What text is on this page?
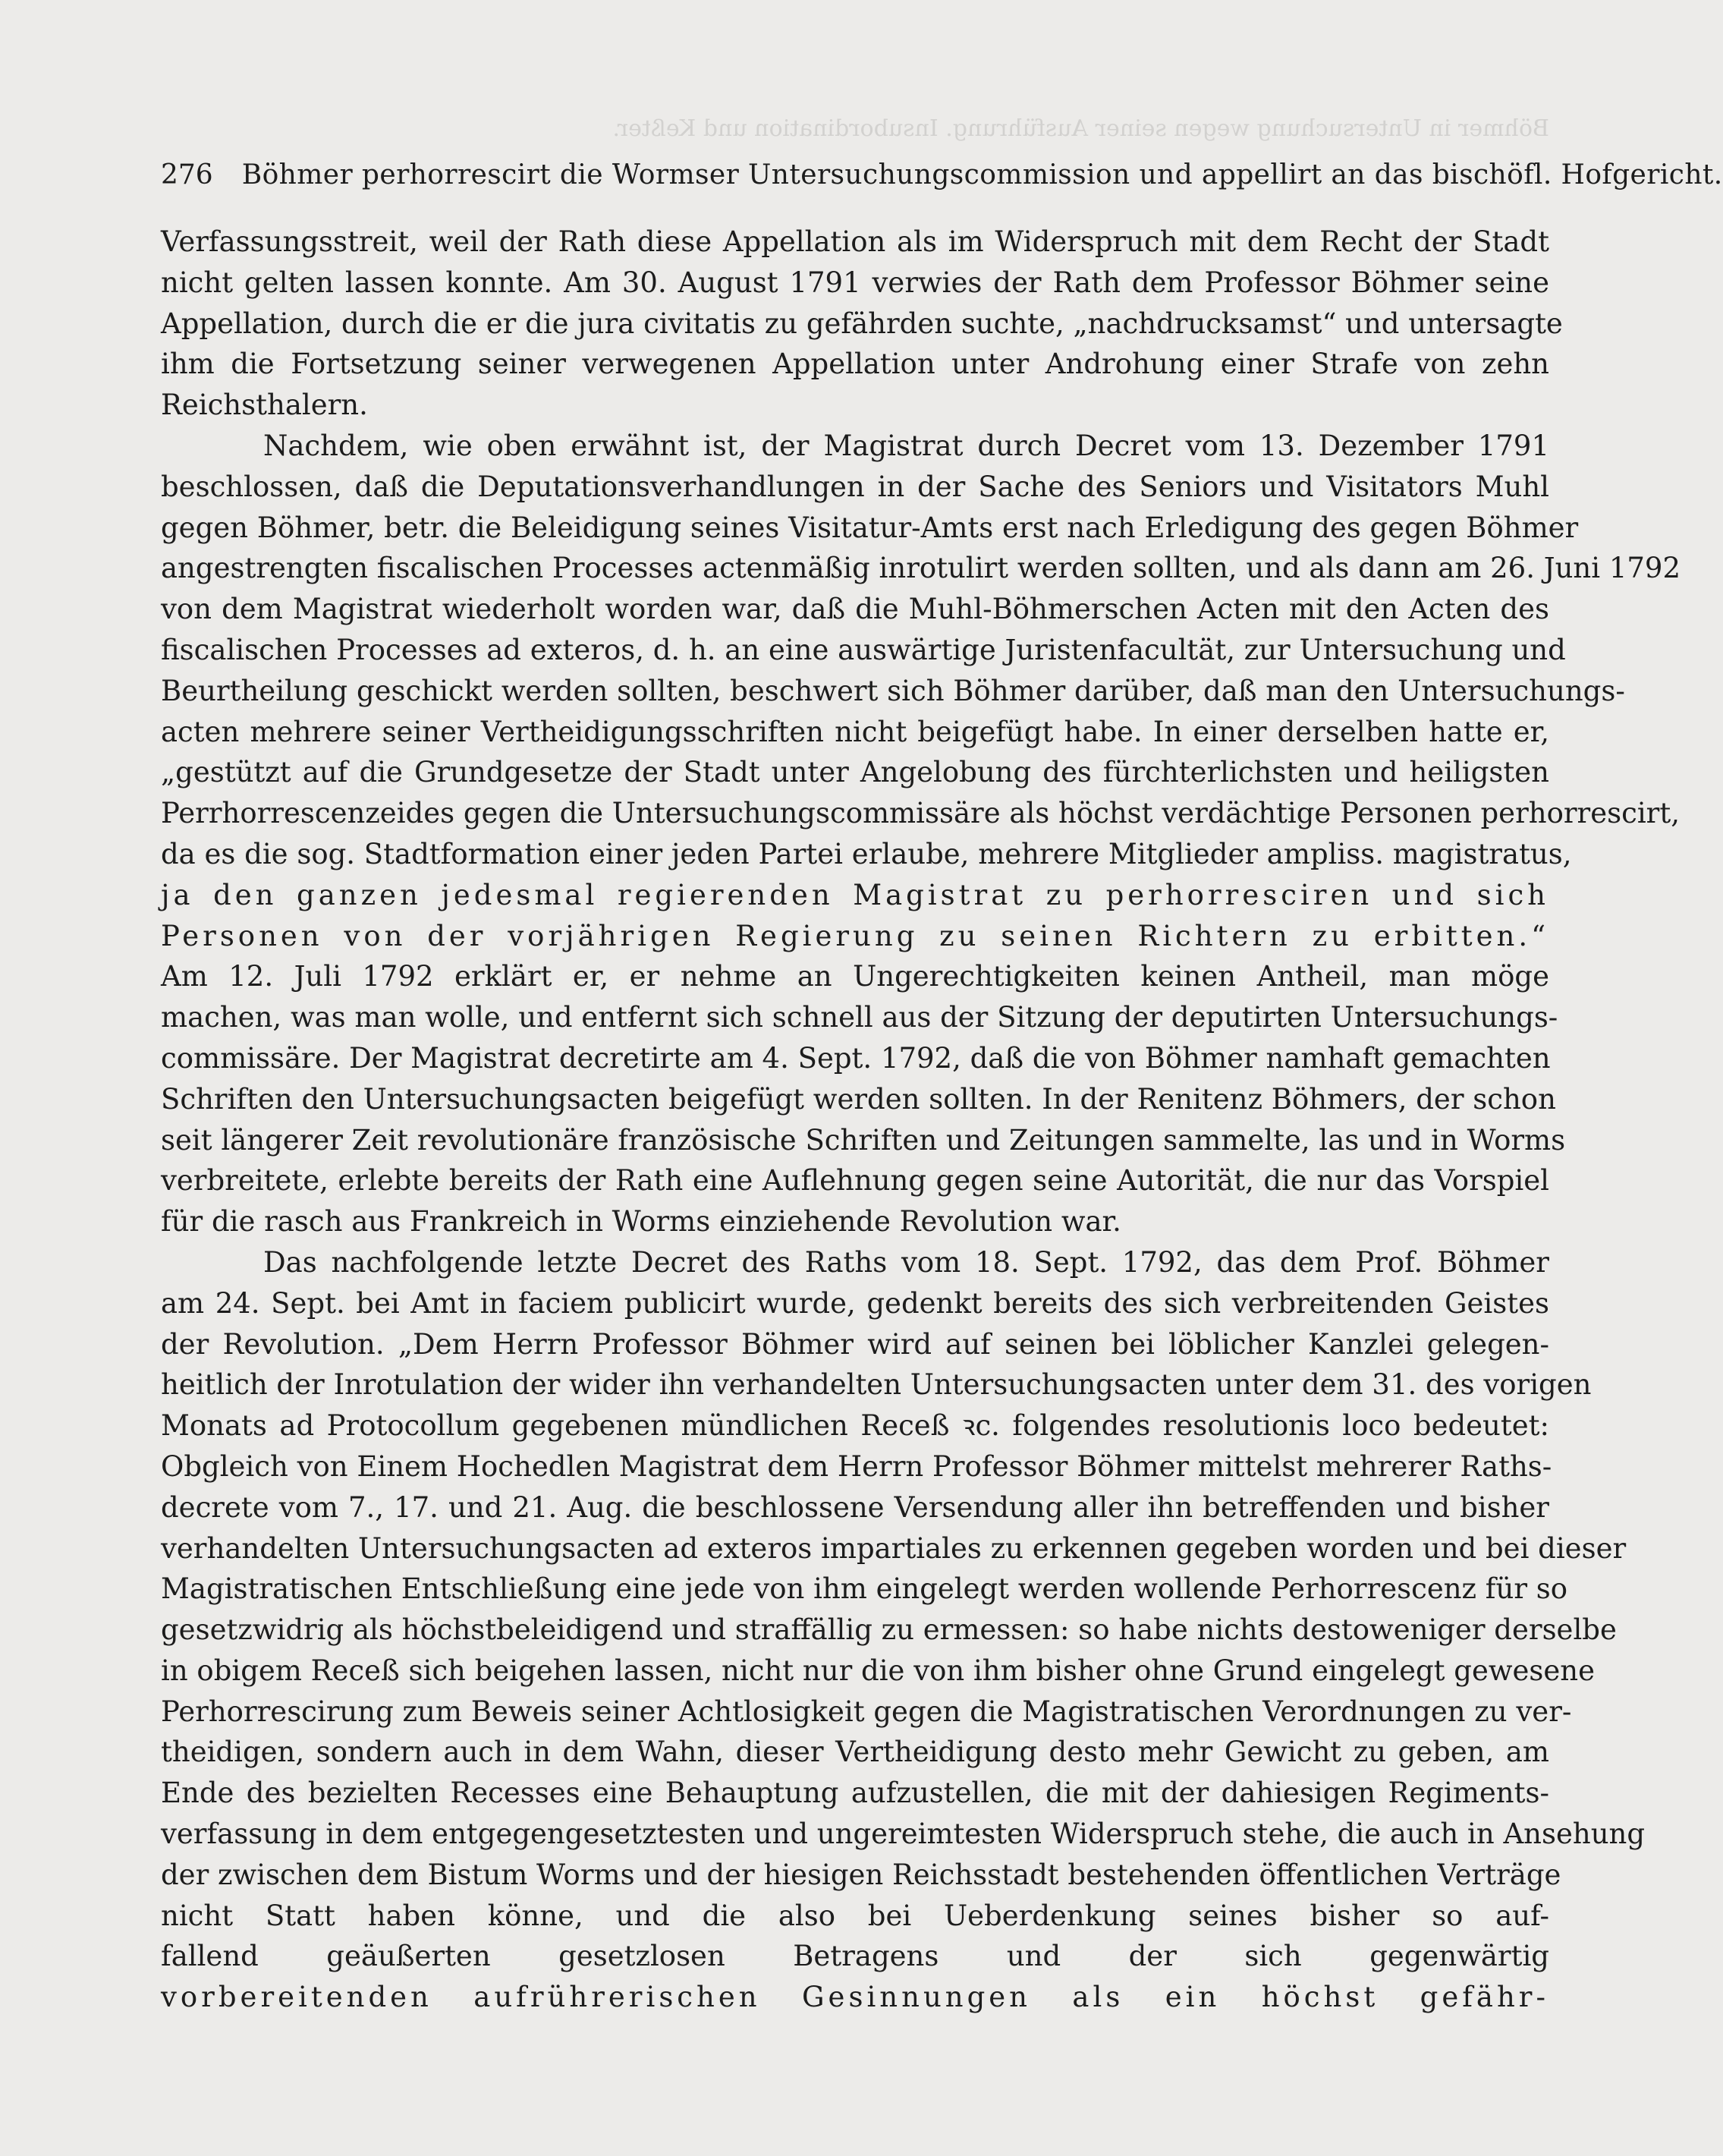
Böhmer in Untersuchung wegen seiner Ausführung. Insubordination und Keßter.
276 Böhmer perhorrescirt die Wormser Untersuchungscommission und appellirt an das bischöfl. Hofgericht.
Verfassungsstreit, weil der Rath diese Appellation als im Widerspruch mit dem Recht der Stadt
nicht gelten lassen konnte. Am 30. August 1791 verwies der Rath dem Professor Böhmer seine
Appellation, durch die er die jura civitatis zu gefährden suchte, „nachdrucksamst“ und untersagte
ihm die Fortsetzung seiner verwegenen Appellation unter Androhung einer Strafe von zehn
Reichsthalern.
Nachdem, wie oben erwähnt ist, der Magistrat durch Decret vom 13. Dezember 1791
beschlossen, daß die Deputationsverhandlungen in der Sache des Seniors und Visitators Muhl
gegen Böhmer, betr. die Beleidigung seines Visitatur-Amts erst nach Erledigung des gegen Böhmer
angestrengten fiscalischen Processes actenmäßig inrotulirt werden sollten, und als dann am 26. Juni 1792
von dem Magistrat wiederholt worden war, daß die Muhl-Böhmerschen Acten mit den Acten des
fiscalischen Processes ad exteros, d. h. an eine auswärtige Juristenfacultät, zur Untersuchung und
Beurtheilung geschickt werden sollten, beschwert sich Böhmer darüber, daß man den Untersuchungs-
acten mehrere seiner Vertheidigungsschriften nicht beigefügt habe. In einer derselben hatte er,
„gestützt auf die Grundgesetze der Stadt unter Angelobung des fürchterlichsten und heiligsten
Perrhorrescenzeides gegen die Untersuchungscommissäre als höchst verdächtige Personen perhorrescirt,
da es die sog. Stadtformation einer jeden Partei erlaube, mehrere Mitglieder ampliss. magistratus,
ja den ganzen jedesmal regierenden Magistrat zu perhorresciren und sich
Personen von der vorjährigen Regierung zu seinen Richtern zu erbitten.“
Am 12. Juli 1792 erklärt er, er nehme an Ungerechtigkeiten keinen Antheil, man möge
machen, was man wolle, und entfernt sich schnell aus der Sitzung der deputirten Untersuchungs-
commissäre. Der Magistrat decretirte am 4. Sept. 1792, daß die von Böhmer namhaft gemachten
Schriften den Untersuchungsacten beigefügt werden sollten. In der Renitenz Böhmers, der schon
seit längerer Zeit revolutionäre französische Schriften und Zeitungen sammelte, las und in Worms
verbreitete, erlebte bereits der Rath eine Auflehnung gegen seine Autorität, die nur das Vorspiel
für die rasch aus Frankreich in Worms einziehende Revolution war.
Das nachfolgende letzte Decret des Raths vom 18. Sept. 1792, das dem Prof. Böhmer
am 24. Sept. bei Amt in faciem publicirt wurde, gedenkt bereits des sich verbreitenden Geistes
der Revolution. „Dem Herrn Professor Böhmer wird auf seinen bei löblicher Kanzlei gelegen-
heitlich der Inrotulation der wider ihn verhandelten Untersuchungsacten unter dem 31. des vorigen
Monats ad Protocollum gegebenen mündlichen Receß ꝛc. folgendes resolutionis loco bedeutet:
Obgleich von Einem Hochedlen Magistrat dem Herrn Professor Böhmer mittelst mehrerer Raths-
decrete vom 7., 17. und 21. Aug. die beschlossene Versendung aller ihn betreffenden und bisher
verhandelten Untersuchungsacten ad exteros impartiales zu erkennen gegeben worden und bei dieser
Magistratischen Entschließung eine jede von ihm eingelegt werden wollende Perhorrescenz für so
gesetzwidrig als höchstbeleidigend und straffällig zu ermessen: so habe nichts destoweniger derselbe
in obigem Receß sich beigehen lassen, nicht nur die von ihm bisher ohne Grund eingelegt gewesene
Perhorrescirung zum Beweis seiner Achtlosigkeit gegen die Magistratischen Verordnungen zu ver-
theidigen, sondern auch in dem Wahn, dieser Vertheidigung desto mehr Gewicht zu geben, am
Ende des bezielten Recesses eine Behauptung aufzustellen, die mit der dahiesigen Regiments-
verfassung in dem entgegengesetztesten und ungereimtesten Widerspruch stehe, die auch in Ansehung
der zwischen dem Bistum Worms und der hiesigen Reichsstadt bestehenden öffentlichen Verträge
nicht Statt haben könne, und die also bei Ueberdenkung seines bisher so auf-
fallend geäußerten gesetzlosen Betragens und der sich gegenwärtig
vorbereitenden aufrührerischen Gesinnungen als ein höchst gefähr-
